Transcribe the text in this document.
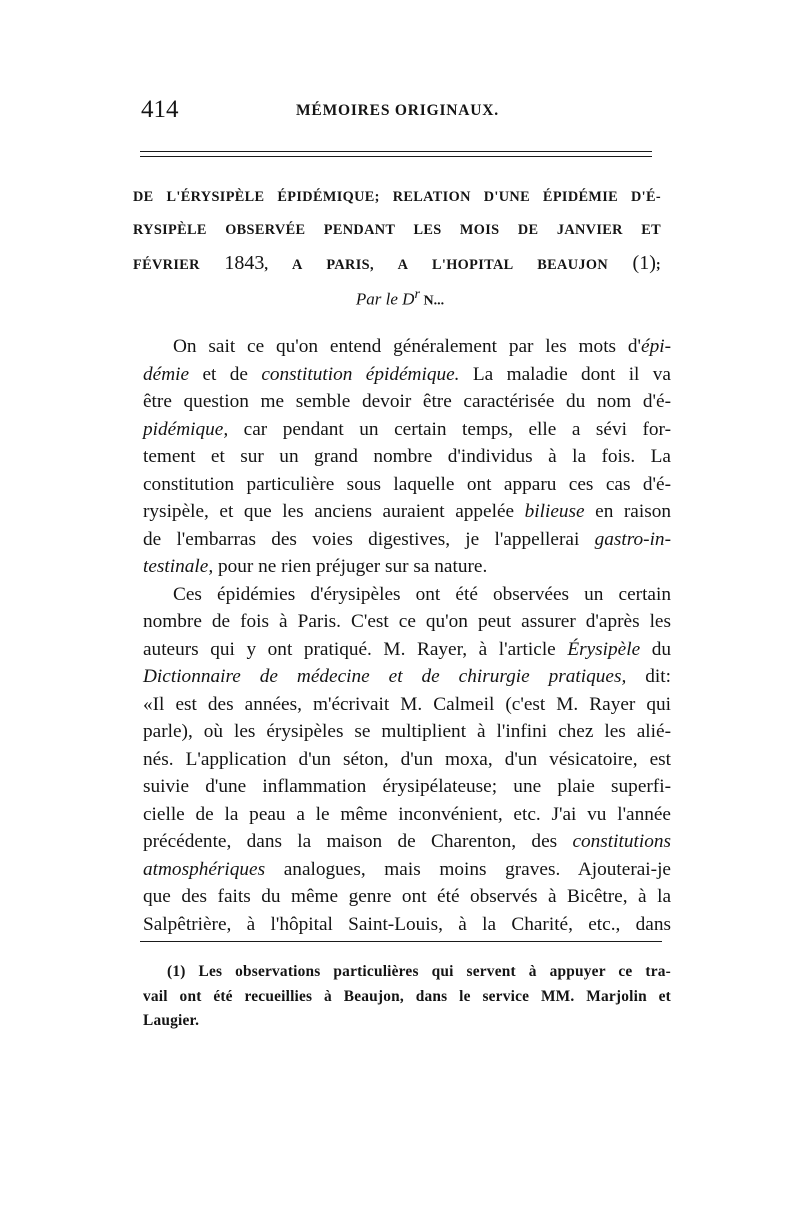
414	MÉMOIRES ORIGINAUX.
DE L'ÉRYSIPÈLE ÉPIDÉMIQUE; RELATION D'UNE ÉPIDÉMIE D'É-
RYSIPÈLE OBSERVÉE PENDANT LES MOIS DE JANVIER ET
FÉVRIER 1843, A PARIS, A L'HOPITAL BEAUJON (1);
Par le $D^r$ N...
On sait ce qu'on entend généralement par les mots d'épi-
démie et de constitution épidémique. La maladie dont il va
être question me semble devoir être caractérisée du nom d'é-
pidémique, car pendant un certain temps, elle a sévi for-
tement et sur un grand nombre d'individus à la fois. La
constitution particulière sous laquelle ont apparu ces cas d'é-
rysipèle, et que les anciens auraient appelée bilieuse en raison
de l'embarras des voies digestives, je l'appellerai gastro-in-
testinale, pour ne rien préjuger sur sa nature.
Ces épidémies d'érysipèles ont été observées un certain
nombre de fois à Paris. C'est ce qu'on peut assurer d'après les
auteurs qui y ont pratiqué. M. Rayer, à l'article Érysipèle du
Dictionnaire de médecine et de chirurgie pratiques, dit:
«Il est des années, m'écrivait M. Calmeil (c'est M. Rayer qui
parle), où les érysipèles se multiplient à l'infini chez les alié-
nés. L'application d'un séton, d'un moxa, d'un vésicatoire, est
suivie d'une inflammation érysipélateuse; une plaie superfi-
cielle de la peau a le même inconvénient, etc. J'ai vu l'année
précédente, dans la maison de Charenton, des constitutions
atmosphériques analogues, mais moins graves. Ajouterai-je
que des faits du même genre ont été observés à Bicêtre, à la
Salpêtrière, à l'hôpital Saint-Louis, à la Charité, etc., dans
(1) Les observations particulières qui servent à appuyer ce tra-
vail ont été recueillies à Beaujon, dans le service MM. Marjolin et
Laugier.
